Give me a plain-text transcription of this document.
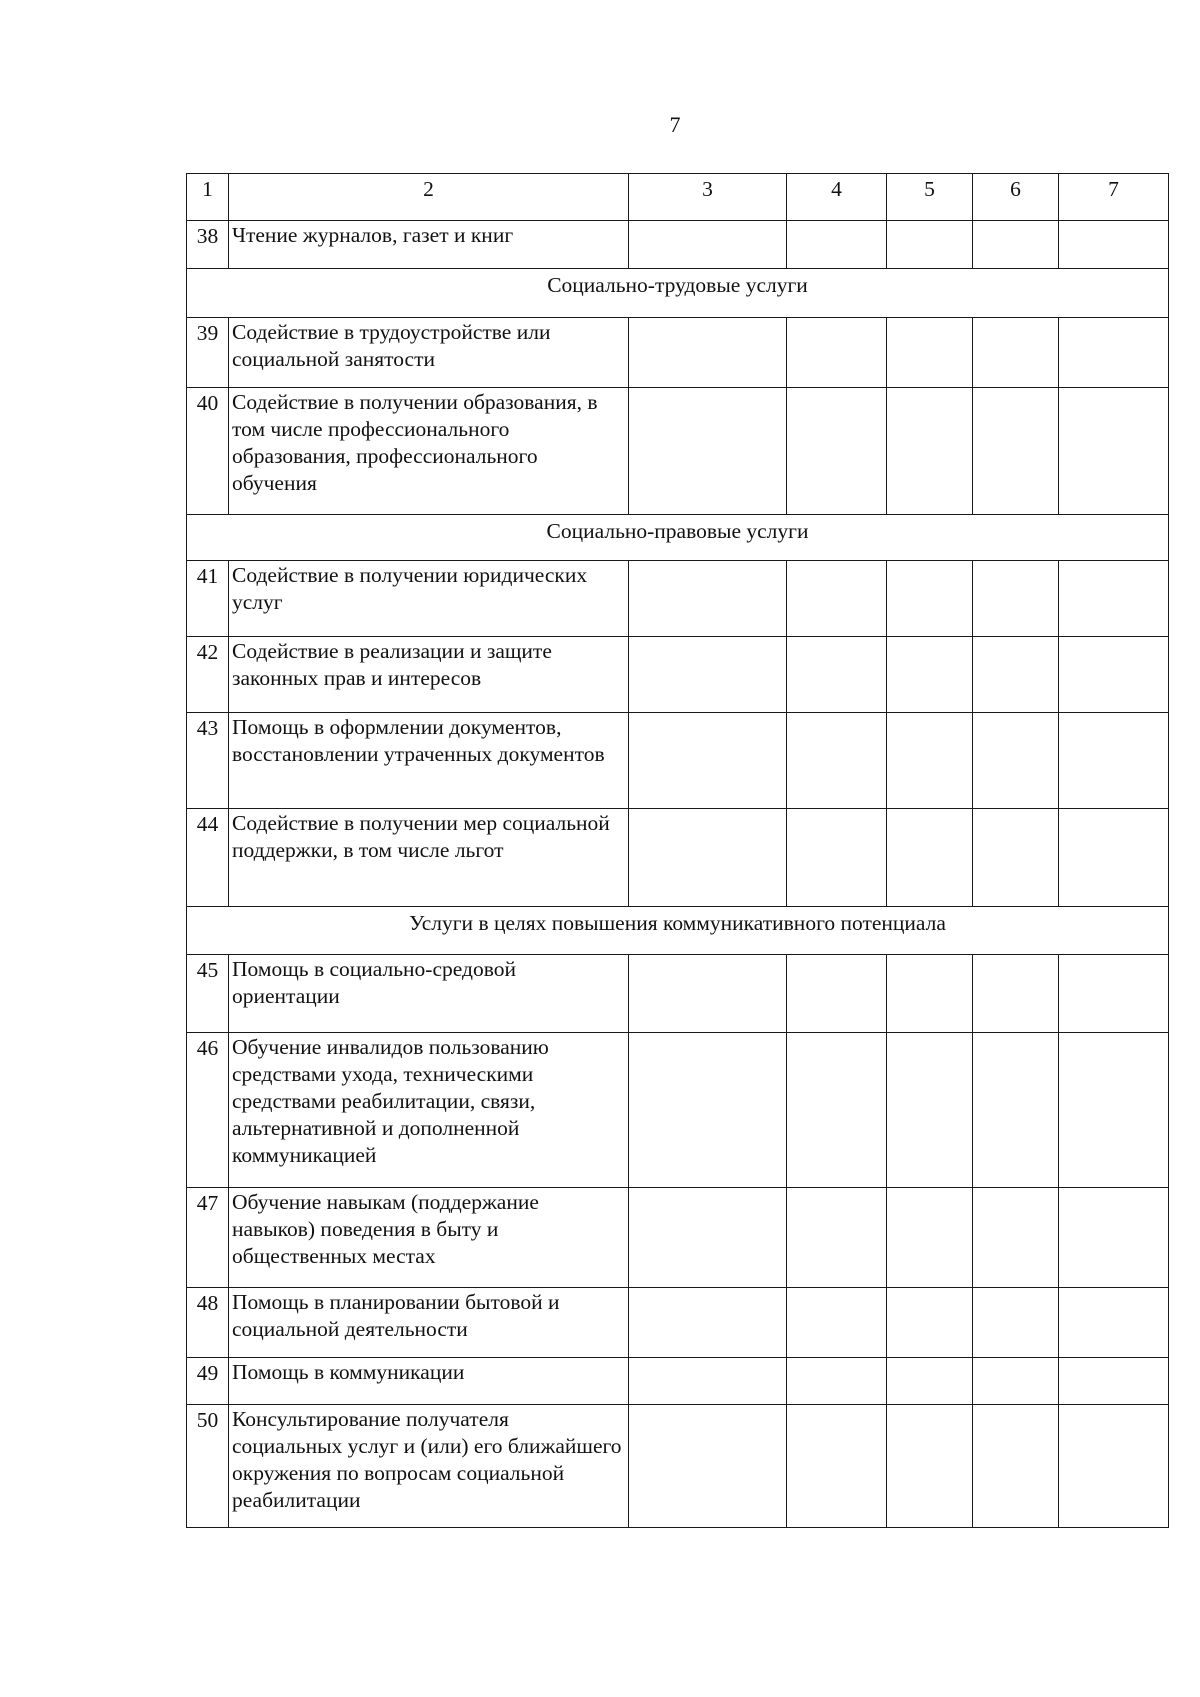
7
1	2	3	4	5	6	7
38	Чтение журналов, газет и книг					
Социально-трудовые услуги						
39	Содействие в трудоустройстве или социальной занятости					
40	Содействие в получении образования, в том числе профессионального образования, профессионального обучения					
Социально-правовые услуги						
41	Содействие в получении юридических услуг					
42	Содействие в реализации и защите законных прав и интересов					
43	Помощь в оформлении документов, восстановлении утраченных документов					
44	Содействие в получении мер социальной поддержки, в том числе льгот					
Услуги в целях повышения коммуникативного потенциала						
45	Помощь в социально-средовой ориентации					
46	Обучение инвалидов пользованию средствами ухода, техническими средствами реабилитации, связи, альтернативной и дополненной коммуникацией					
47	Обучение навыкам (поддержание навыков) поведения в быту и общественных местах					
48	Помощь в планировании бытовой и социальной деятельности					
49	Помощь в коммуникации					
50	Консультирование получателя социальных услуг и (или) его ближайшего окружения по вопросам социальной реабилитации					
